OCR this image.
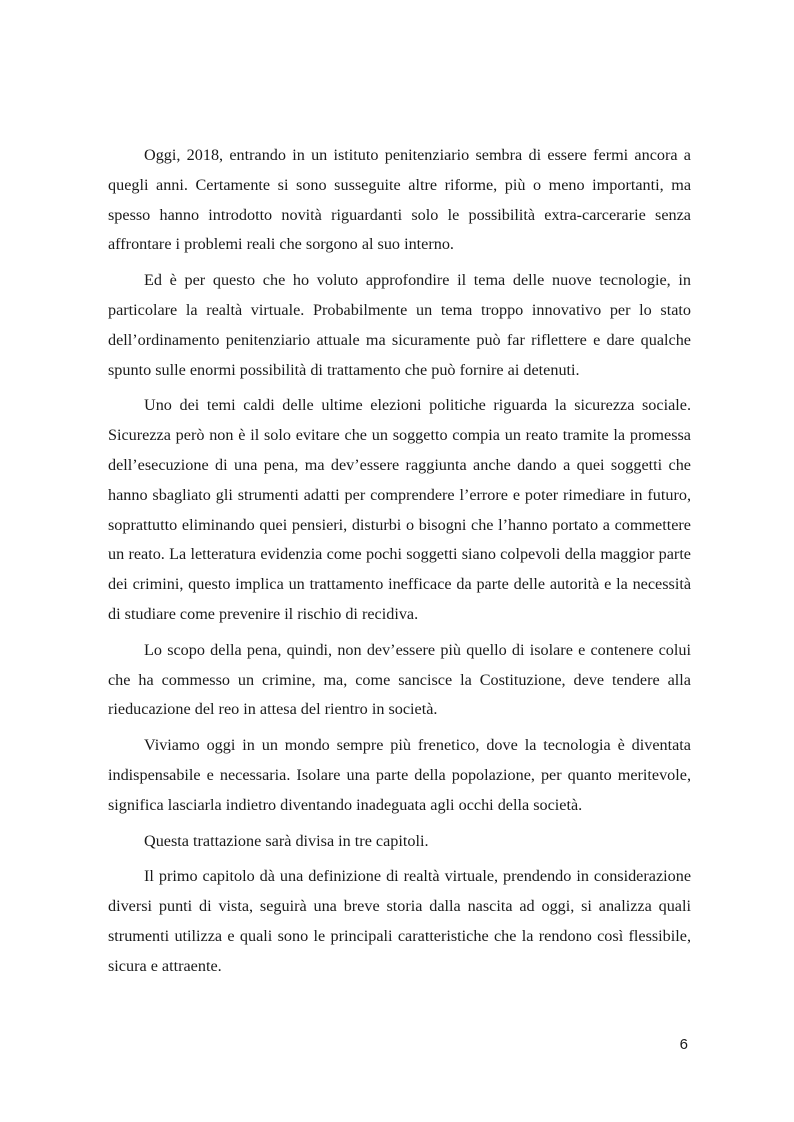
Oggi, 2018, entrando in un istituto penitenziario sembra di essere fermi ancora a quegli anni. Certamente si sono susseguite altre riforme, più o meno importanti, ma spesso hanno introdotto novità riguardanti solo le possibilità extra-carcerarie senza affrontare i problemi reali che sorgono al suo interno.

Ed è per questo che ho voluto approfondire il tema delle nuove tecnologie, in particolare la realtà virtuale. Probabilmente un tema troppo innovativo per lo stato dell’ordinamento penitenziario attuale ma sicuramente può far riflettere e dare qualche spunto sulle enormi possibilità di trattamento che può fornire ai detenuti.

Uno dei temi caldi delle ultime elezioni politiche riguarda la sicurezza sociale. Sicurezza però non è il solo evitare che un soggetto compia un reato tramite la promessa dell’esecuzione di una pena, ma dev’essere raggiunta anche dando a quei soggetti che hanno sbagliato gli strumenti adatti per comprendere l’errore e poter rimediare in futuro, soprattutto eliminando quei pensieri, disturbi o bisogni che l’hanno portato a commettere un reato. La letteratura evidenzia come pochi soggetti siano colpevoli della maggior parte dei crimini, questo implica un trattamento inefficace da parte delle autorità e la necessità di studiare come prevenire il rischio di recidiva.

Lo scopo della pena, quindi, non dev’essere più quello di isolare e contenere colui che ha commesso un crimine, ma, come sancisce la Costituzione, deve tendere alla rieducazione del reo in attesa del rientro in società.

Viviamo oggi in un mondo sempre più frenetico, dove la tecnologia è diventata indispensabile e necessaria. Isolare una parte della popolazione, per quanto meritevole, significa lasciarla indietro diventando inadeguata agli occhi della società.

Questa trattazione sarà divisa in tre capitoli.

Il primo capitolo dà una definizione di realtà virtuale, prendendo in considerazione diversi punti di vista, seguirà una breve storia dalla nascita ad oggi, si analizza quali strumenti utilizza e quali sono le principali caratteristiche che la rendono così flessibile, sicura e attraente.

6
